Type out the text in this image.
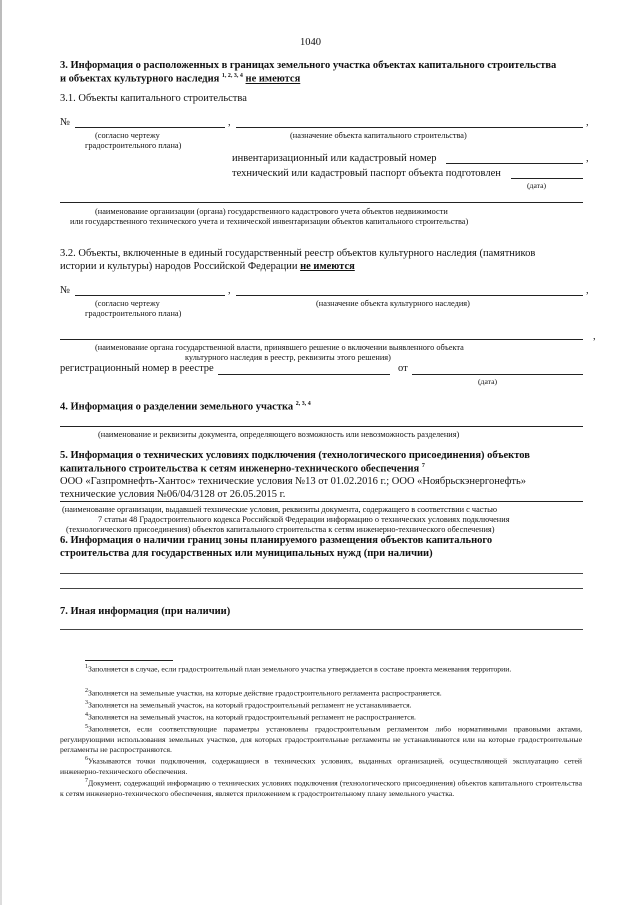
1040
3. Информация о расположенных в границах земельного участка объектах капитального строительства
и объектах культурного наследия $^{1, 2, 3, 4}$ не имеются
3.1. Объекты капитального строительства
№	,	,
(согласно чертежу
градостроительного плана)
(назначение объекта капитального строительства)
инвентаризационный или кадастровый номер	,
технический или кадастровый паспорт объекта подготовлен
(дата)
(наименование организации (органа) государственного кадастрового учета объектов недвижимости
или государственного технического учета и технической инвентаризации объектов капитального строительства)
3.2. Объекты, включенные в единый государственный реестр объектов культурного наследия (памятников
истории и культуры) народов Российской Федерации не имеются
№	,	,
(согласно чертежу
градостроительного плана)
(назначение объекта культурного наследия)
,
(наименование органа государственной власти, принявшего решение о включении выявленного объекта
культурного наследия в реестр, реквизиты этого решения)
регистрационный номер в реестре	от
(дата)
4. Информация о разделении земельного участка $^{2, 3, 4}$
(наименование и реквизиты документа, определяющего возможность или невозможность разделения)
5. Информация о технических условиях подключения (технологического присоединения) объектов
капитального строительства к сетям инженерно-технического обеспечения $^7$
ООО «Газпромнефть-Хантос» технические условия №13 от 01.02.2016 г.; ООО «Ноябрьскэнергонефть»
технические условия №06/04/3128 от 26.05.2015 г.
(наименование организации, выдавшей технические условия, реквизиты документа, содержащего в соответствии с частью
7 статьи 48 Градостроительного кодекса Российской Федерации информацию о технических условиях подключения
(технологического присоединения) объектов капитального строительства к сетям инженерно-технического обеспечения)
6. Информация о наличии границ зоны планируемого размещения объектов капитального
строительства для государственных или муниципальных нужд (при наличии)
7. Иная информация (при наличии)
$^1$Заполняется в случае, если градостроительный план земельного участка утверждается в составе проекта межевания территории.
$^2$Заполняется на земельные участки, на которые действие градостроительного регламента распространяется.
$^3$Заполняется на земельный участок, на который градостроительный регламент не устанавливается.
$^4$Заполняется на земельный участок, на который градостроительный регламент не распространяется.
$^5$Заполняется, если соответствующие параметры установлены градостроительным регламентом либо нормативными правовыми актами, регулирующими использования земельных участков, для которых градостроительные регламенты не устанавливаются или на которые градостроительные регламенты не распространяются.
$^6$Указываются точки подключения, содержащиеся в технических условиях, выданных организацией, осуществляющей эксплуатацию сетей инженерно-технического обеспечения.
$^7$Документ, содержащий информацию о технических условиях подключения (технологического присоединения) объектов капитального строительства к сетям инженерно-технического обеспечения, является приложением к градостроительному плану земельного участка.
